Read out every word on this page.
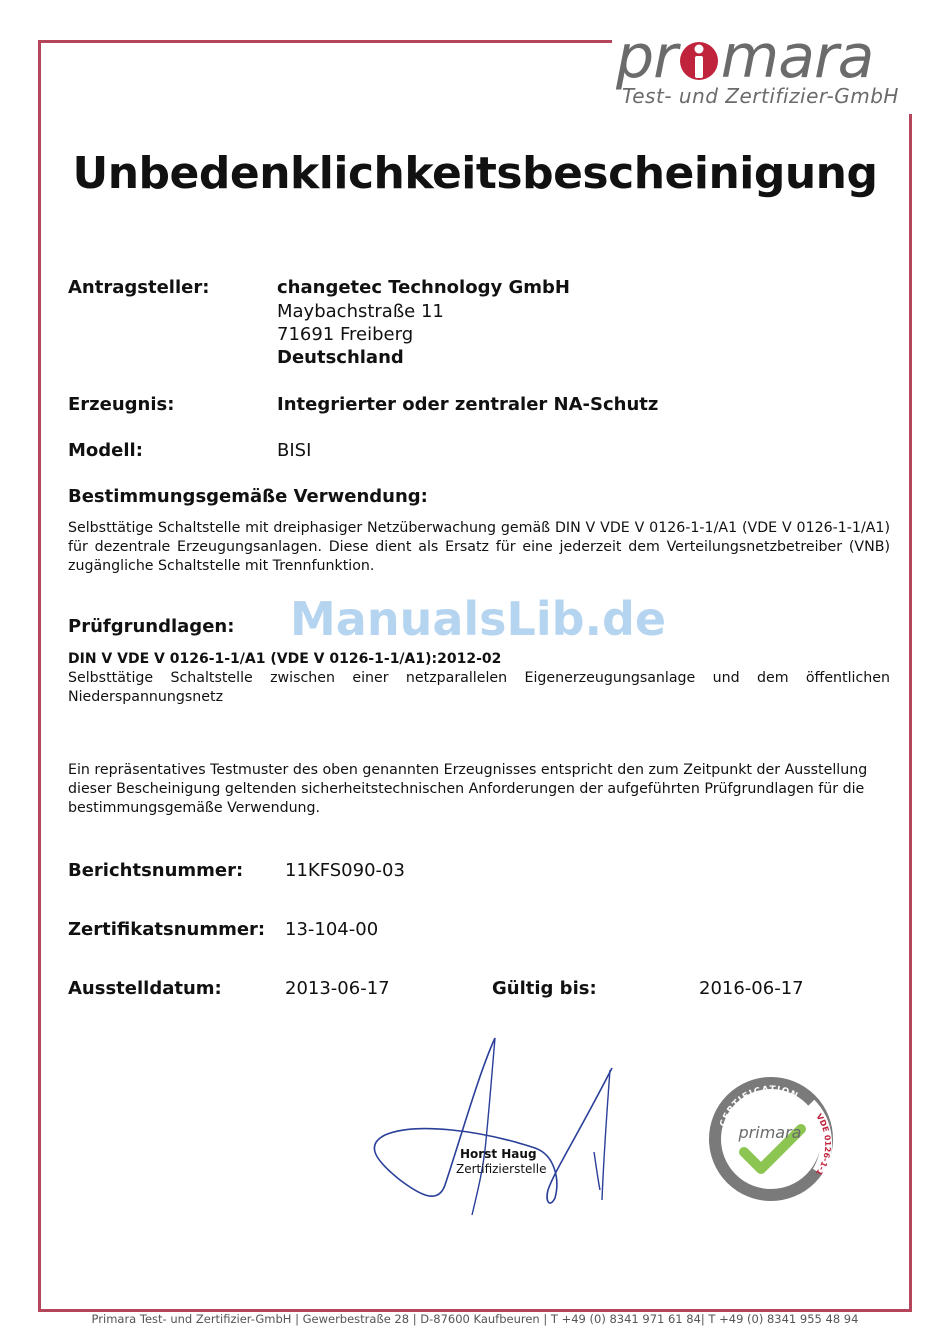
pr mara
Test- und Zertifizier-GmbH
Unbedenklichkeitsbescheinigung
Antragsteller:	changetec Technology GmbH
Maybachstraße 11
71691 Freiberg
Deutschland
Erzeugnis:	Integrierter oder zentraler NA-Schutz
Modell:	BISI
Bestimmungsgemäße Verwendung:
Selbsttätige Schaltstelle mit dreiphasiger Netzüberwachung gemäß DIN V VDE V 0126-1-1/A1 (VDE V 0126-1-1/A1) für dezentrale Erzeugungsanlagen. Diese dient als Ersatz für eine jederzeit dem Verteilungsnetzbetreiber (VNB) zugängliche Schaltstelle mit Trennfunktion.
ManualsLib.de
Prüfgrundlagen:
DIN V VDE V 0126-1-1/A1 (VDE V 0126-1-1/A1):2012-02
Selbsttätige Schaltstelle zwischen einer netzparallelen Eigenerzeugungsanlage und dem öffentlichen Niederspannungsnetz
Ein repräsentatives Testmuster des oben genannten Erzeugnisses entspricht den zum Zeitpunkt der Ausstellung dieser Bescheinigung geltenden sicherheitstechnischen Anforderungen der aufgeführten Prüfgrundlagen für die bestimmungsgemäße Verwendung.
Berichtsnummer: 11KFS090-03
Zertifikatsnummer: 13-104-00
Ausstelldatum:	2013-06-17	Gültig bis:	2016-06-17
Horst Haug
Zertifizierstelle
CERTIFICATION
VDE 0126-1-1
primara
Primara Test- und Zertifizier-GmbH | Gewerbestraße 28 | D-87600 Kaufbeuren | T +49 (0) 8341 971 61 84| T +49 (0) 8341 955 48 94
